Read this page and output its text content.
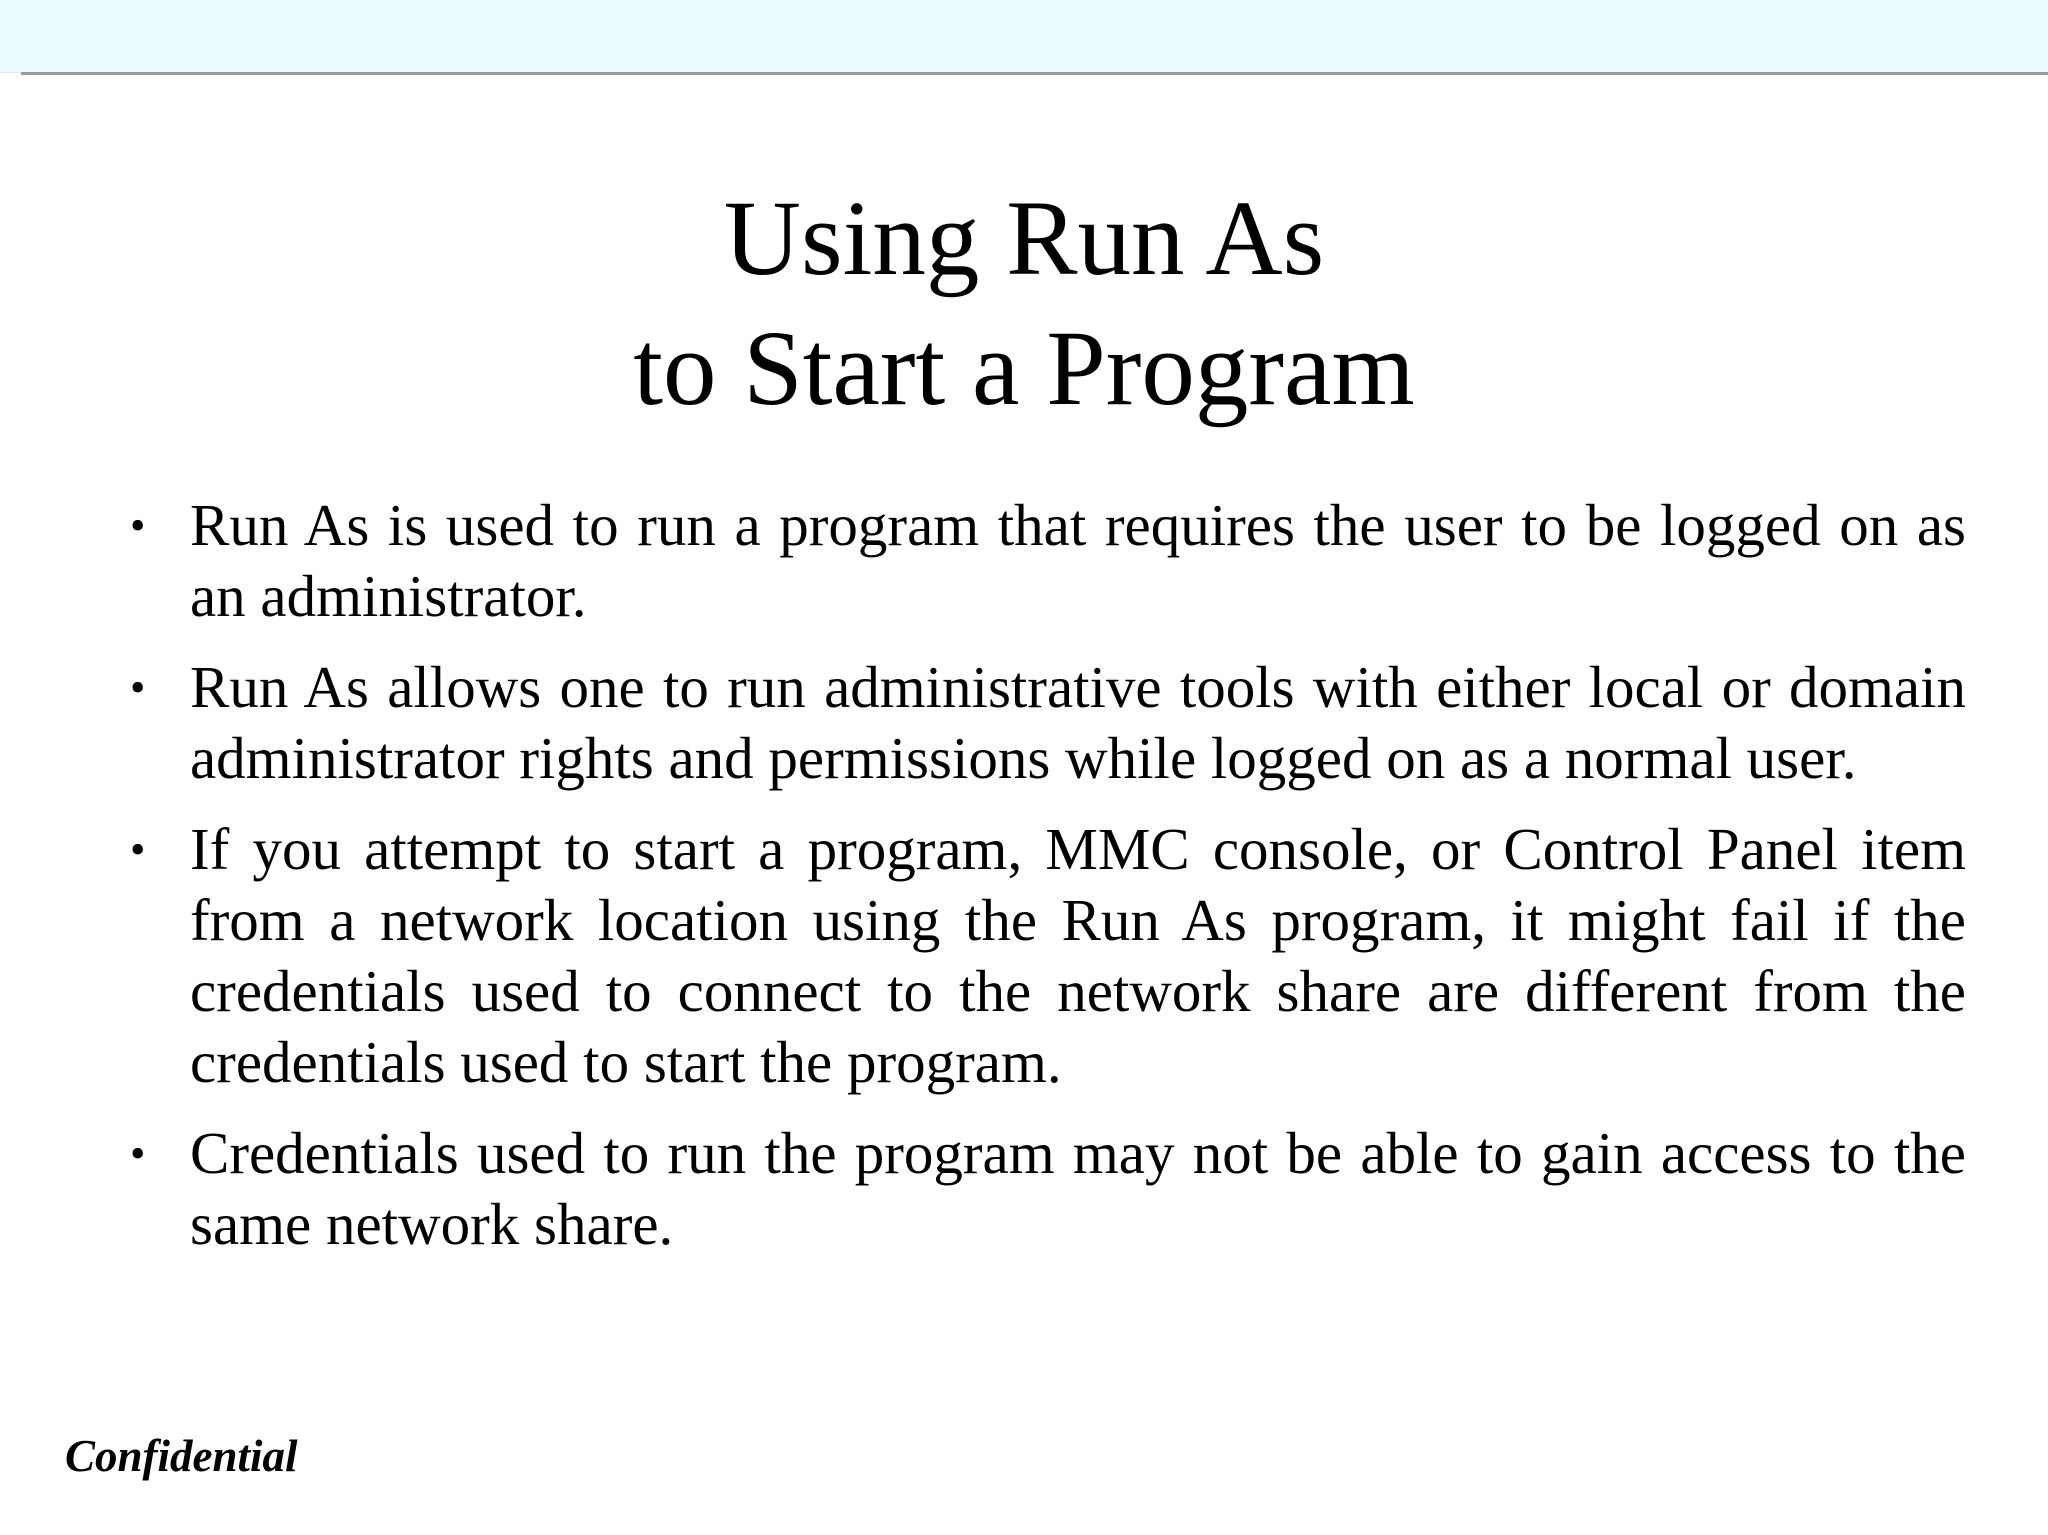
Using Run As
to Start a Program
• Run As is used to run a program that requires the user to be logged on as an administrator.
• Run As allows one to run administrative tools with either local or domain administrator rights and permissions while logged on as a normal user.
• If you attempt to start a program, MMC console, or Control Panel item from a network location using the Run As program, it might fail if the credentials used to connect to the network share are different from the credentials used to start the program.
• Credentials used to run the program may not be able to gain access to the same network share.
Confidential
